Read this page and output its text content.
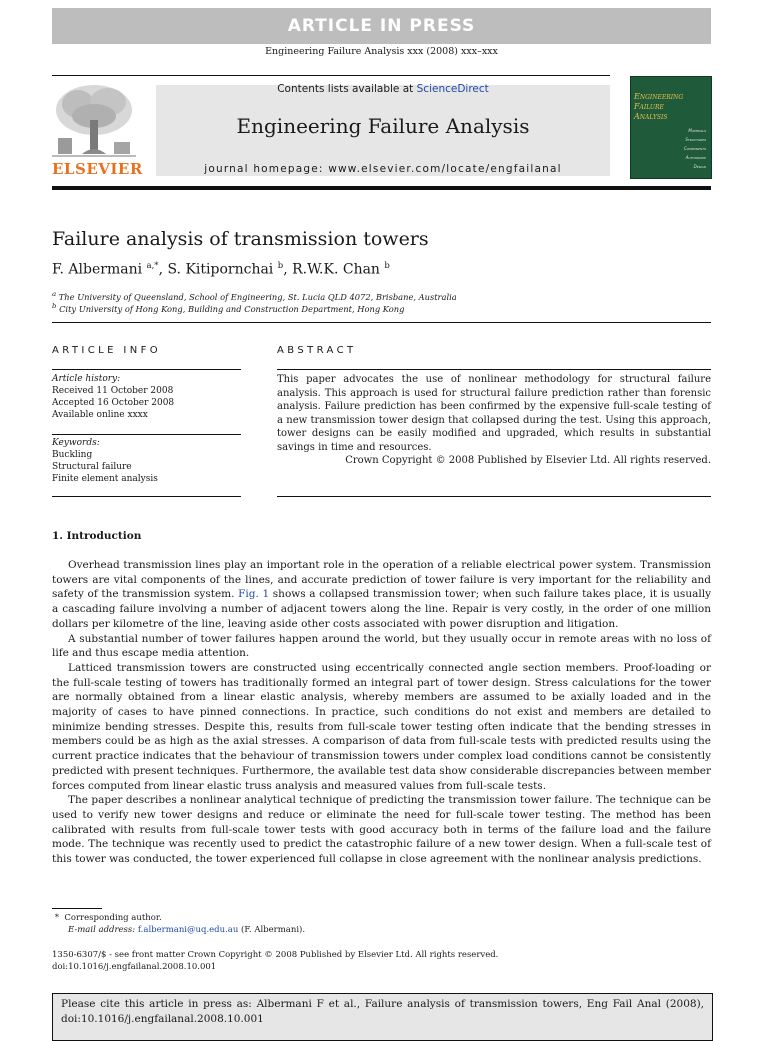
ARTICLE IN PRESS
Engineering Failure Analysis xxx (2008) xxx–xxx
Contents lists available at ScienceDirect
Engineering Failure Analysis
journal homepage: www.elsevier.com/locate/engfailanal
ELSEVIER
Engineering
Failure
Analysis
Materials
Structures
Components
Authorship
Design
Failure analysis of transmission towers
F. Albermani $^{a,*}$, S. Kitipornchai $^b$, R.W.K. Chan $^b$
$^a$ The University of Queensland, School of Engineering, St. Lucia QLD 4072, Brisbane, Australia
$^b$ City University of Hong Kong, Building and Construction Department, Hong Kong
ARTICLE INFO
Article history:
Received 11 October 2008
Accepted 16 October 2008
Available online xxxx
Keywords:
Buckling
Structural failure
Finite element analysis
ABSTRACT
This paper advocates the use of nonlinear methodology for structural failure analysis. This approach is used for structural failure prediction rather than forensic analysis. Failure prediction has been confirmed by the expensive full-scale testing of a new transmission tower design that collapsed during the test. Using this approach, tower designs can be easily modified and upgraded, which results in substantial savings in time and resources.
Crown Copyright © 2008 Published by Elsevier Ltd. All rights reserved.
1. Introduction

Overhead transmission lines play an important role in the operation of a reliable electrical power system. Transmission towers are vital components of the lines, and accurate prediction of tower failure is very important for the reliability and safety of the transmission system. Fig. 1 shows a collapsed transmission tower; when such failure takes place, it is usually a cascading failure involving a number of adjacent towers along the line. Repair is very costly, in the order of one million dollars per kilometre of the line, leaving aside other costs associated with power disruption and litigation.

A substantial number of tower failures happen around the world, but they usually occur in remote areas with no loss of life and thus escape media attention.

Latticed transmission towers are constructed using eccentrically connected angle section members. Proof-loading or the full-scale testing of towers has traditionally formed an integral part of tower design. Stress calculations for the tower are normally obtained from a linear elastic analysis, whereby members are assumed to be axially loaded and in the majority of cases to have pinned connections. In practice, such conditions do not exist and members are detailed to minimize bending stresses. Despite this, results from full-scale tower testing often indicate that the bending stresses in members could be as high as the axial stresses. A comparison of data from full-scale tests with predicted results using the current practice indicates that the behaviour of transmission towers under complex load conditions cannot be consistently predicted with present techniques. Furthermore, the available test data show considerable discrepancies between member forces computed from linear elastic truss analysis and measured values from full-scale tests.

The paper describes a nonlinear analytical technique of predicting the transmission tower failure. The technique can be used to verify new tower designs and reduce or eliminate the need for full-scale tower testing. The method has been calibrated with results from full-scale tower tests with good accuracy both in terms of the failure load and the failure mode. The technique was recently used to predict the catastrophic failure of a new tower design. When a full-scale test of this tower was conducted, the tower experienced full collapse in close agreement with the nonlinear analysis predictions.

* Corresponding author.
E-mail address: f.albermani@uq.edu.au (F. Albermani).
1350-6307/$ - see front matter Crown Copyright © 2008 Published by Elsevier Ltd. All rights reserved.
doi:10.1016/j.engfailanal.2008.10.001
Please cite this article in press as: Albermani F et al., Failure analysis of transmission towers, Eng Fail Anal (2008), doi:10.1016/j.engfailanal.2008.10.001
